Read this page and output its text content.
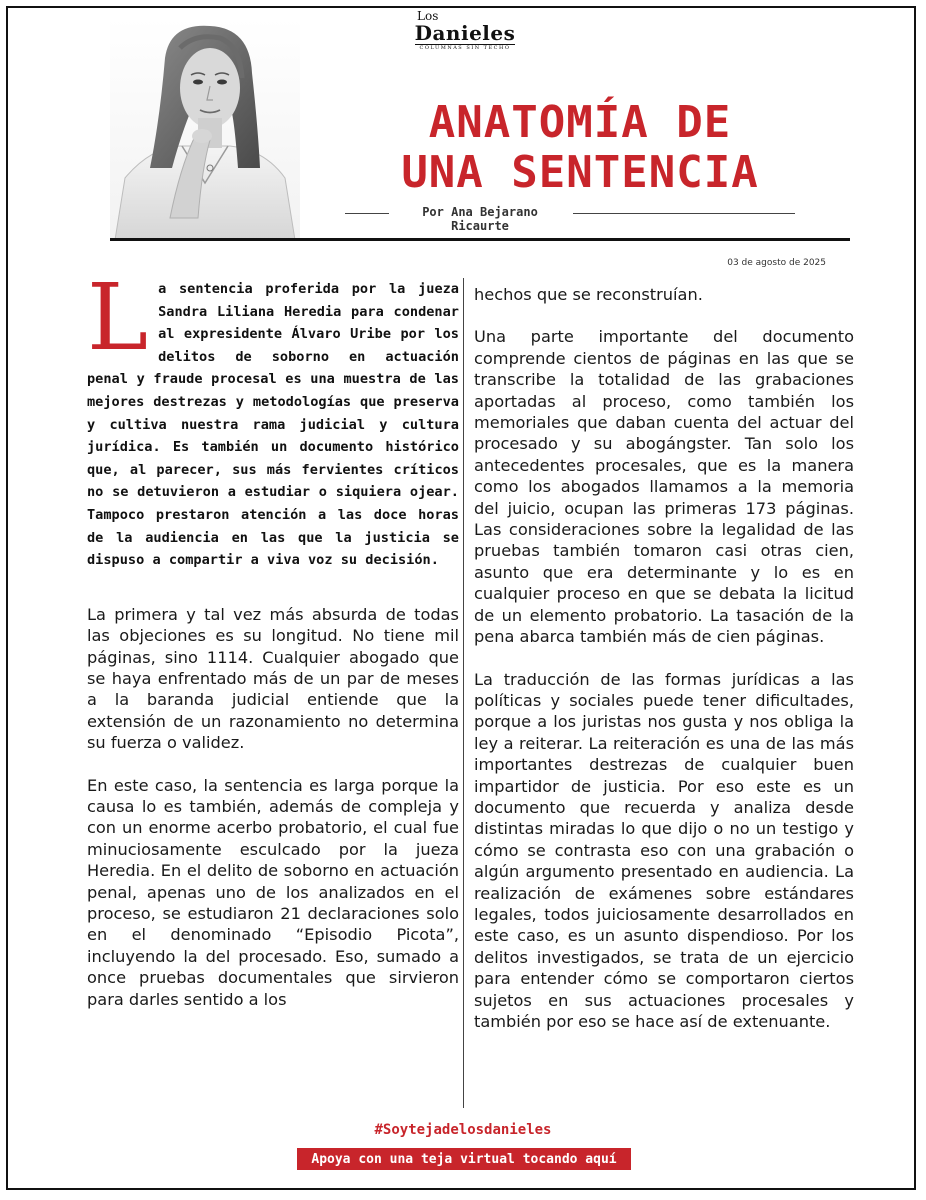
Los
Danieles
COLUMNAS SIN TECHO
ANATOMÍA DE
UNA SENTENCIA
Por Ana Bejarano Ricaurte
03 de agosto de 2025

La sentencia proferida por la jueza Sandra Liliana Heredia para condenar al expresidente Álvaro Uribe por los delitos de soborno en actuación penal y fraude procesal es una muestra de las mejores destrezas y metodologías que preserva y cultiva nuestra rama judicial y cultura jurídica. Es también un documento histórico que, al parecer, sus más fervientes críticos no se detuvieron a estudiar o siquiera ojear. Tampoco prestaron atención a las doce horas de la audiencia en las que la justicia se dispuso a compartir a viva voz su decisión.

La primera y tal vez más absurda de todas las objeciones es su longitud. No tiene mil páginas, sino 1114. Cualquier abogado que se haya enfrentado más de un par de meses a la baranda judicial entiende que la extensión de un razonamiento no determina su fuerza o validez.

En este caso, la sentencia es larga porque la causa lo es también, además de compleja y con un enorme acerbo probatorio, el cual fue minuciosamente esculcado por la jueza Heredia. En el delito de soborno en actuación penal, apenas uno de los analizados en el proceso, se estudiaron 21 declaraciones solo en el denominado “Episodio Picota”, incluyendo la del procesado. Eso, sumado a once pruebas documentales que sirvieron para darles sentido a los

hechos que se reconstruían.

Una parte importante del documento comprende cientos de páginas en las que se transcribe la totalidad de las grabaciones aportadas al proceso, como también los memoriales que daban cuenta del actuar del procesado y su abogángster. Tan solo los antecedentes procesales, que es la manera como los abogados llamamos a la memoria del juicio, ocupan las primeras 173 páginas. Las consideraciones sobre la legalidad de las pruebas también tomaron casi otras cien, asunto que era determinante y lo es en cualquier proceso en que se debata la licitud de un elemento probatorio. La tasación de la pena abarca también más de cien páginas.

La traducción de las formas jurídicas a las políticas y sociales puede tener dificultades, porque a los juristas nos gusta y nos obliga la ley a reiterar. La reiteración es una de las más importantes destrezas de cualquier buen impartidor de justicia. Por eso este es un documento que recuerda y analiza desde distintas miradas lo que dijo o no un testigo y cómo se contrasta eso con una grabación o algún argumento presentado en audiencia. La realización de exámenes sobre estándares legales, todos juiciosamente desarrollados en este caso, es un asunto dispendioso. Por los delitos investigados, se trata de un ejercicio para entender cómo se comportaron ciertos sujetos en sus actuaciones procesales y también por eso se hace así de extenuante.

#Soytejadelosdanieles
Apoya con una teja virtual tocando aquí
